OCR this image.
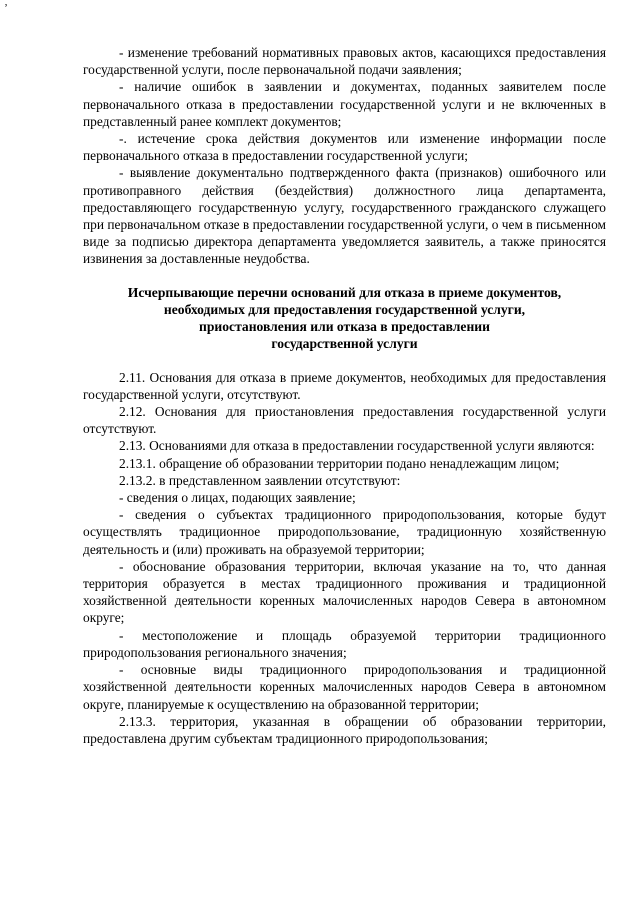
‚

- изменение требований нормативных правовых актов, касающихся предоставления государственной услуги, после первоначальной подачи заявления;

- наличие ошибок в заявлении и документах, поданных заявителем после первоначального отказа в предоставлении государственной услуги и не включенных в представленный ранее комплект документов;

-. истечение срока действия документов или изменение информации после первоначального отказа в предоставлении государственной услуги;

- выявление документально подтвержденного факта (признаков) ошибочного или противоправного действия (бездействия) должностного лица департамента, предоставляющего государственную услугу, государственного гражданского служащего при первоначальном отказе в предоставлении государственной услуги, о чем в письменном виде за подписью директора департамента уведомляется заявитель, а также приносятся извинения за доставленные неудобства.

Исчерпывающие перечни оснований для отказа в приеме документов,
необходимых для предоставления государственной услуги,
приостановления или отказа в предоставлении
государственной услуги

2.11. Основания для отказа в приеме документов, необходимых для предоставления государственной услуги, отсутствуют.

2.12. Основания для приостановления предоставления государственной услуги отсутствуют.

2.13. Основаниями для отказа в предоставлении государственной услуги являются:

2.13.1. обращение об образовании территории подано ненадлежащим лицом;

2.13.2. в представленном заявлении отсутствуют:

- сведения о лицах, подающих заявление;

- сведения о субъектах традиционного природопользования, которые будут осуществлять традиционное природопользование, традиционную хозяйственную деятельность и (или) проживать на образуемой территории;

- обоснование образования территории, включая указание на то, что данная территория образуется в местах традиционного проживания и традиционной хозяйственной деятельности коренных малочисленных народов Севера в автономном округе;

- местоположение и площадь образуемой территории традиционного природопользования регионального значения;

- основные виды традиционного природопользования и традиционной хозяйственной деятельности коренных малочисленных народов Севера в автономном округе, планируемые к осуществлению на образованной территории;

2.13.3. территория, указанная в обращении об образовании территории, предоставлена другим субъектам традиционного природопользования;
